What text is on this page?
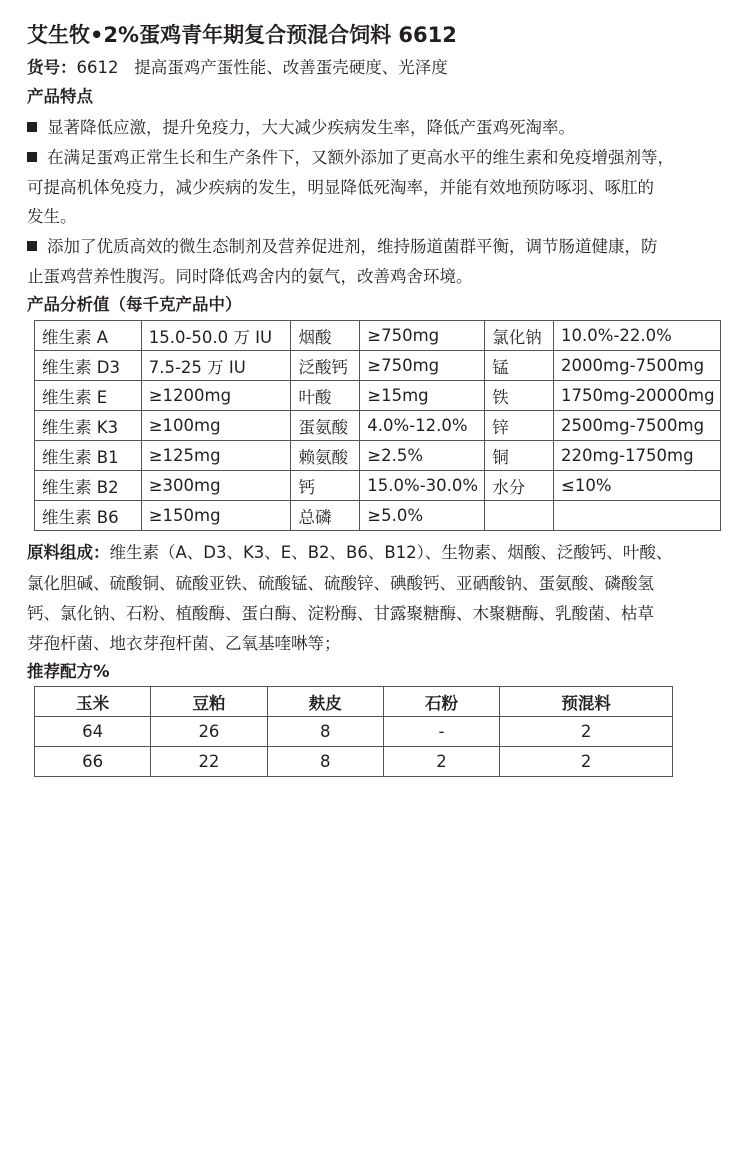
艾生牧•2%蛋鸡青年期复合预混合饲料 6612
货号：6612 提高蛋鸡产蛋性能、改善蛋壳硬度、光泽度
产品特点
显著降低应激，提升免疫力，大大减少疾病发生率，降低产蛋鸡死淘率。
在满足蛋鸡正常生长和生产条件下，又额外添加了更高水平的维生素和免疫增强剂等，
可提高机体免疫力，减少疾病的发生，明显降低死淘率，并能有效地预防啄羽、啄肛的
发生。
添加了优质高效的微生态制剂及营养促进剂，维持肠道菌群平衡，调节肠道健康，防
止蛋鸡营养性腹泻。同时降低鸡舍内的氨气，改善鸡舍环境。
产品分析值（每千克产品中）
维生素 A	15.0-50.0 万 IU	烟酸	≥750mg	氯化钠	10.0%-22.0%
维生素 D3	7.5-25 万 IU	泛酸钙	≥750mg	锰	2000mg-7500mg
维生素 E	≥1200mg	叶酸	≥15mg	铁	1750mg-20000mg
维生素 K3	≥100mg	蛋氨酸	4.0%-12.0%	锌	2500mg-7500mg
维生素 B1	≥125mg	赖氨酸	≥2.5%	铜	220mg-1750mg
维生素 B2	≥300mg	钙	15.0%-30.0%	水分	≤10%
维生素 B6	≥150mg	总磷	≥5.0%		
原料组成：维生素（A、D3、K3、E、B2、B6、B12）、生物素、烟酸、泛酸钙、叶酸、
氯化胆碱、硫酸铜、硫酸亚铁、硫酸锰、硫酸锌、碘酸钙、亚硒酸钠、蛋氨酸、磷酸氢
钙、氯化钠、石粉、植酸酶、蛋白酶、淀粉酶、甘露聚糖酶、木聚糖酶、乳酸菌、枯草
芽孢杆菌、地衣芽孢杆菌、乙氧基喹啉等；
推荐配方%
玉米	豆粕	麸皮	石粉	预混料
64	26	8	-	2
66	22	8	2	2
